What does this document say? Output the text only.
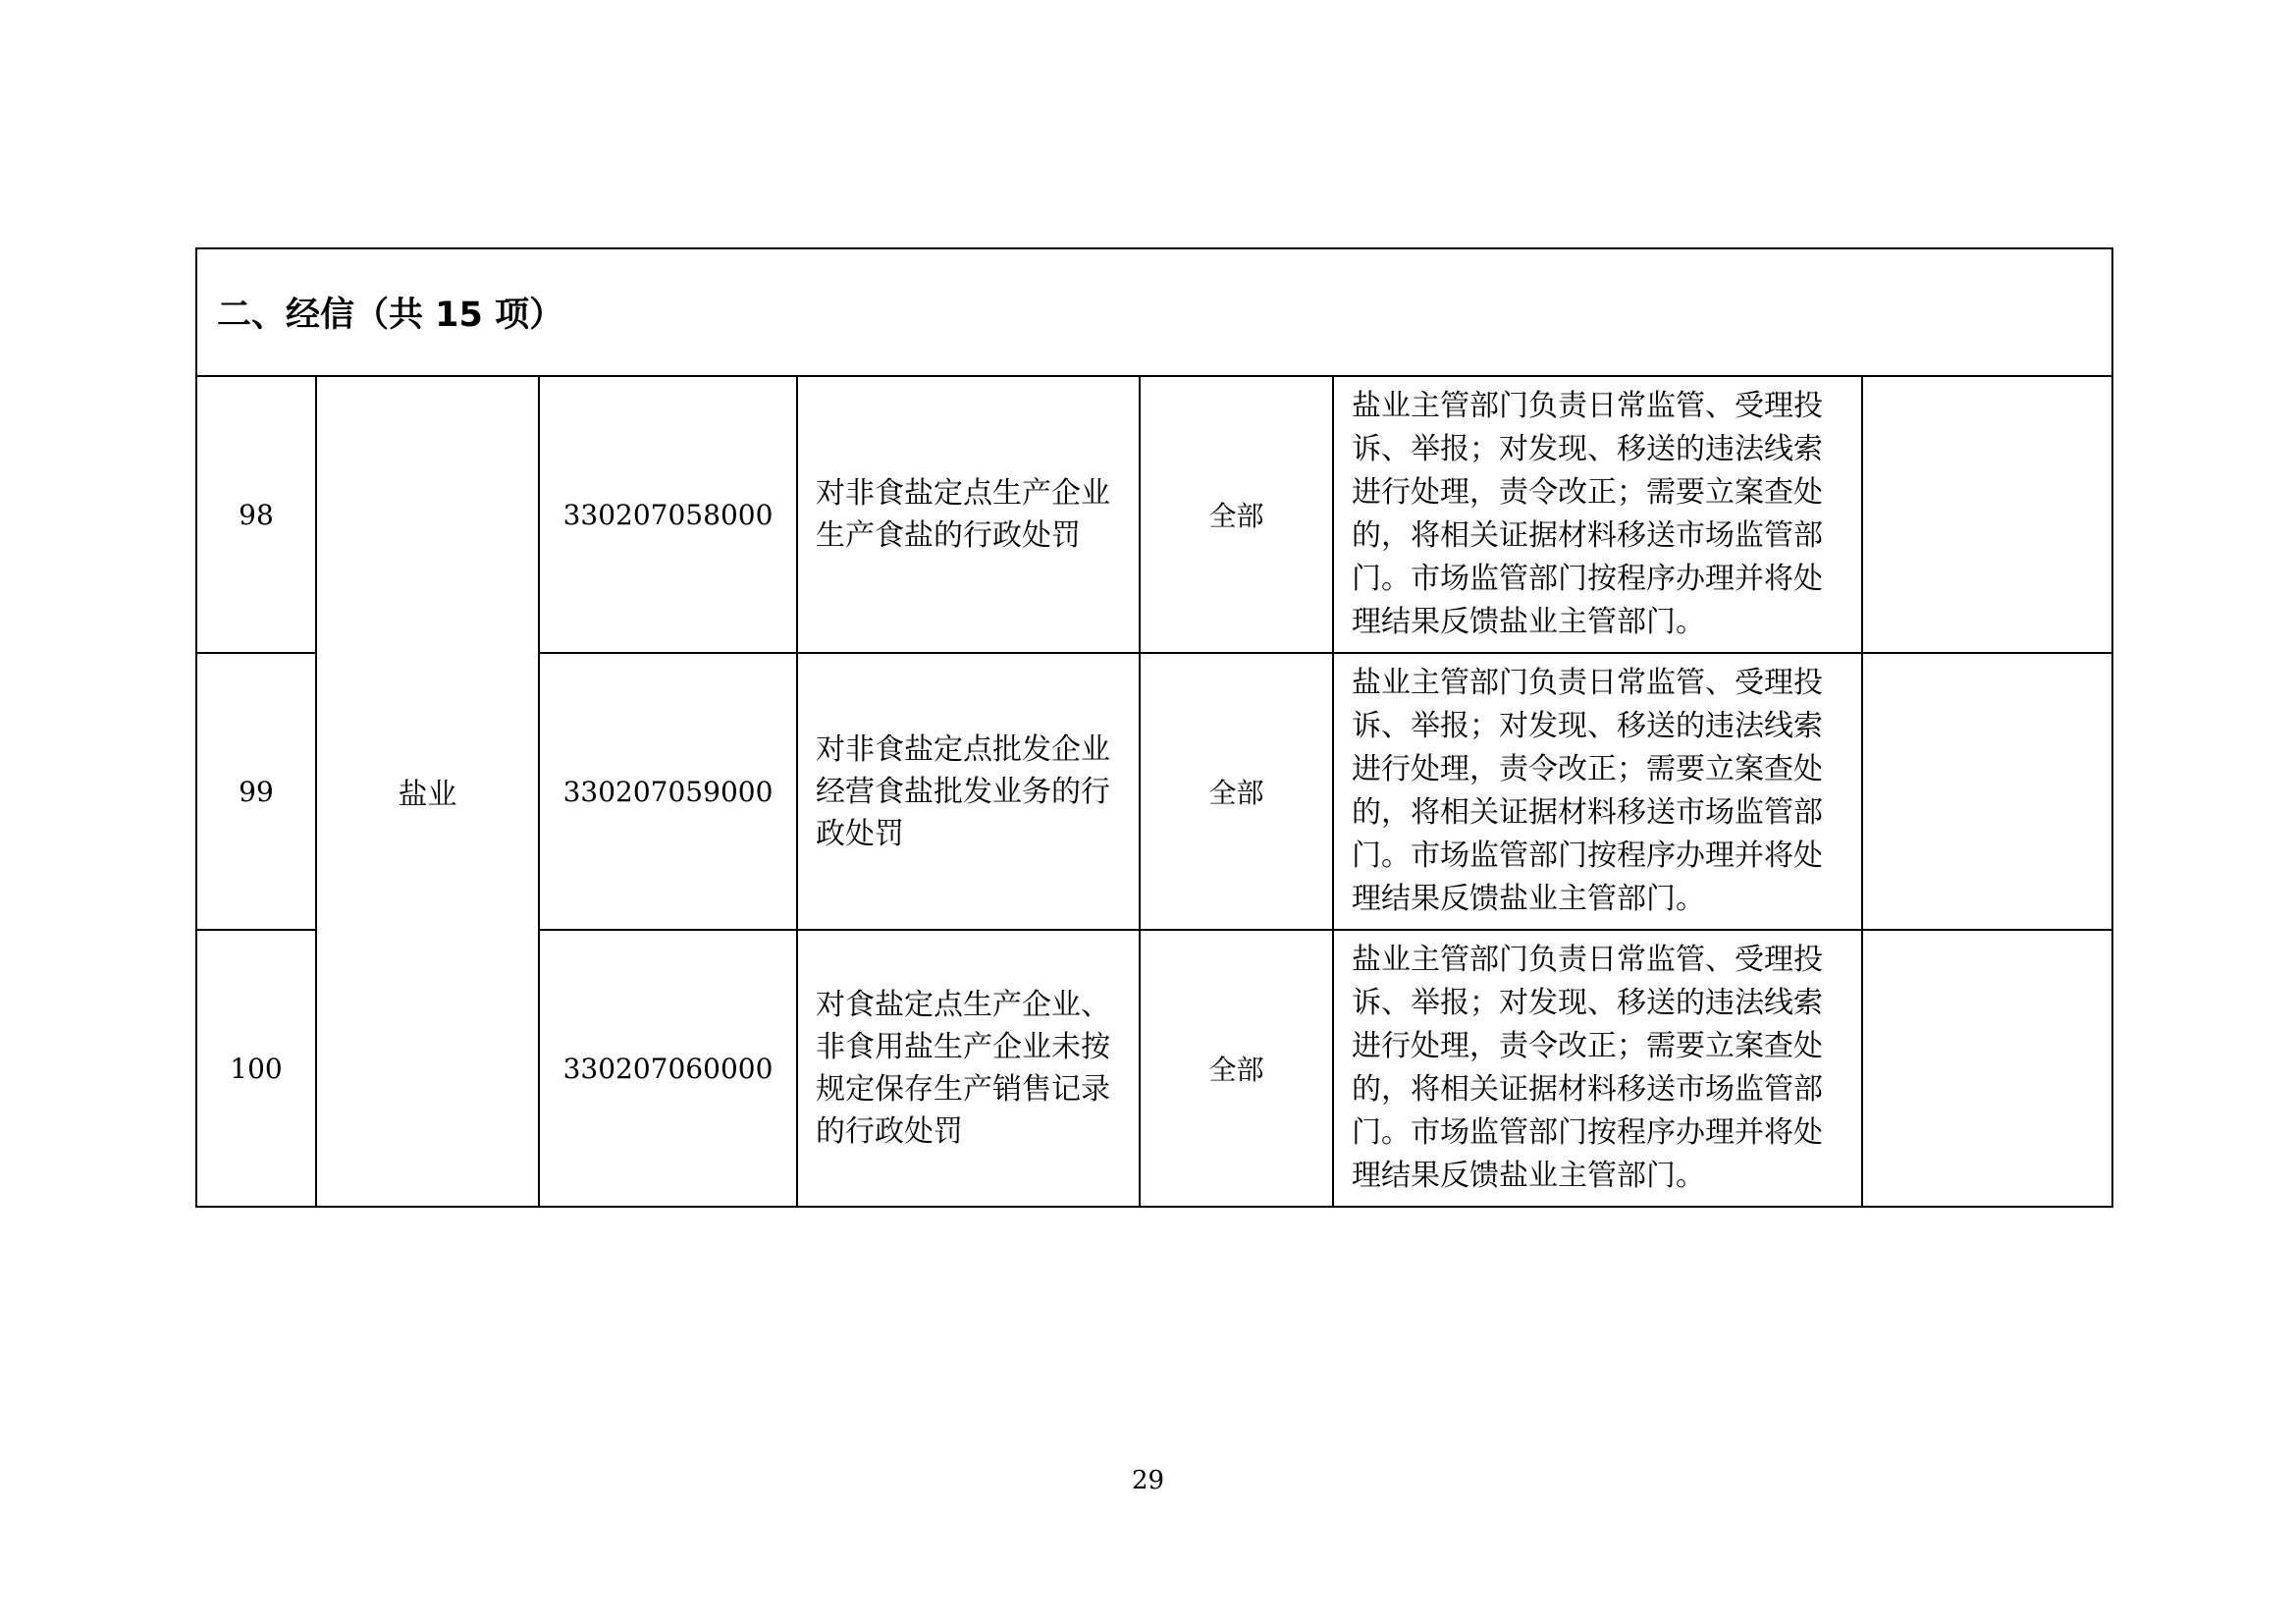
二、经信（共 15 项）						
98	盐业	330207058000	对非食盐定点生产企业生产食盐的行政处罚	全部	盐业主管部门负责日常监管、受理投诉、举报；对发现、移送的违法线索进行处理，责令改正；需要立案查处的，将相关证据材料移送市场监管部门。市场监管部门按程序办理并将处理结果反馈盐业主管部门。	
99		330207059000	对非食盐定点批发企业经营食盐批发业务的行政处罚	全部	盐业主管部门负责日常监管、受理投诉、举报；对发现、移送的违法线索进行处理，责令改正；需要立案查处的，将相关证据材料移送市场监管部门。市场监管部门按程序办理并将处理结果反馈盐业主管部门。	
100		330207060000	对食盐定点生产企业、非食用盐生产企业未按规定保存生产销售记录的行政处罚	全部	盐业主管部门负责日常监管、受理投诉、举报；对发现、移送的违法线索进行处理，责令改正；需要立案查处的，将相关证据材料移送市场监管部门。市场监管部门按程序办理并将处理结果反馈盐业主管部门。	
29
